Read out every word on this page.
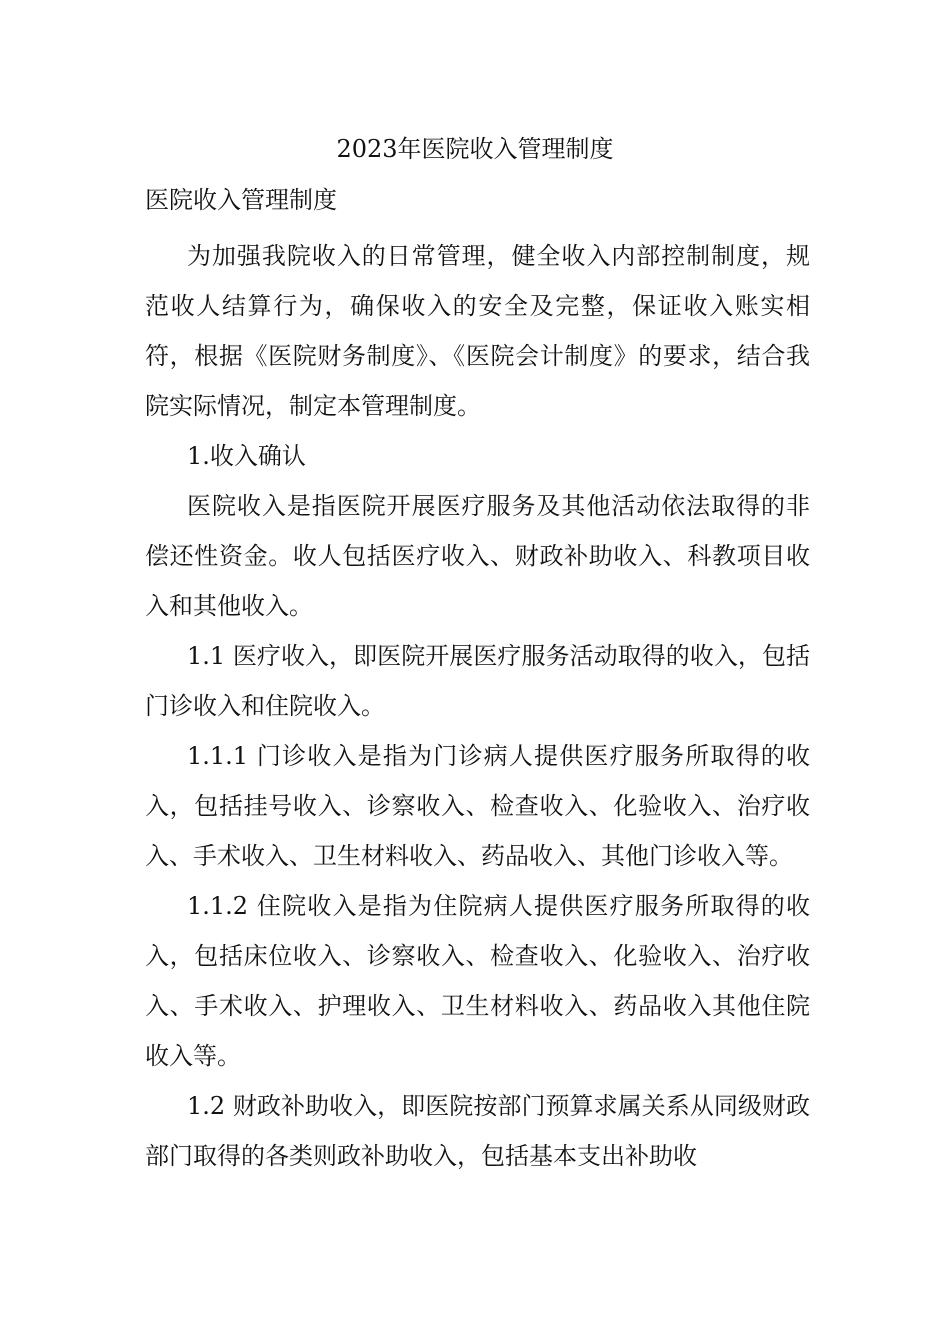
2023年医院收入管理制度
医院收入管理制度

为加强我院收入的日常管理，健全收入内部控制制度，规范收人结算行为，确保收入的安全及完整，保证收入账实相符，根据《医院财务制度》、《医院会计制度》的要求，结合我院实际情况，制定本管理制度。

1.收入确认

医院收入是指医院开展医疗服务及其他活动依法取得的非偿还性资金。收人包括医疗收入、财政补助收入、科教项目收入和其他收入。

1.1 医疗收入，即医院开展医疗服务活动取得的收入，包括门诊收入和住院收入。

1.1.1 门诊收入是指为门诊病人提供医疗服务所取得的收入，包括挂号收入、诊察收入、检查收入、化验收入、治疗收入、手术收入、卫生材料收入、药品收入、其他门诊收入等。

1.1.2 住院收入是指为住院病人提供医疗服务所取得的收入，包括床位收入、诊察收入、检查收入、化验收入、治疗收入、手术收入、护理收入、卫生材料收入、药品收入其他住院收入等。

1.2 财政补助收入，即医院按部门预算求属关系从同级财政部门取得的各类则政补助收入，包括基本支出补助收
